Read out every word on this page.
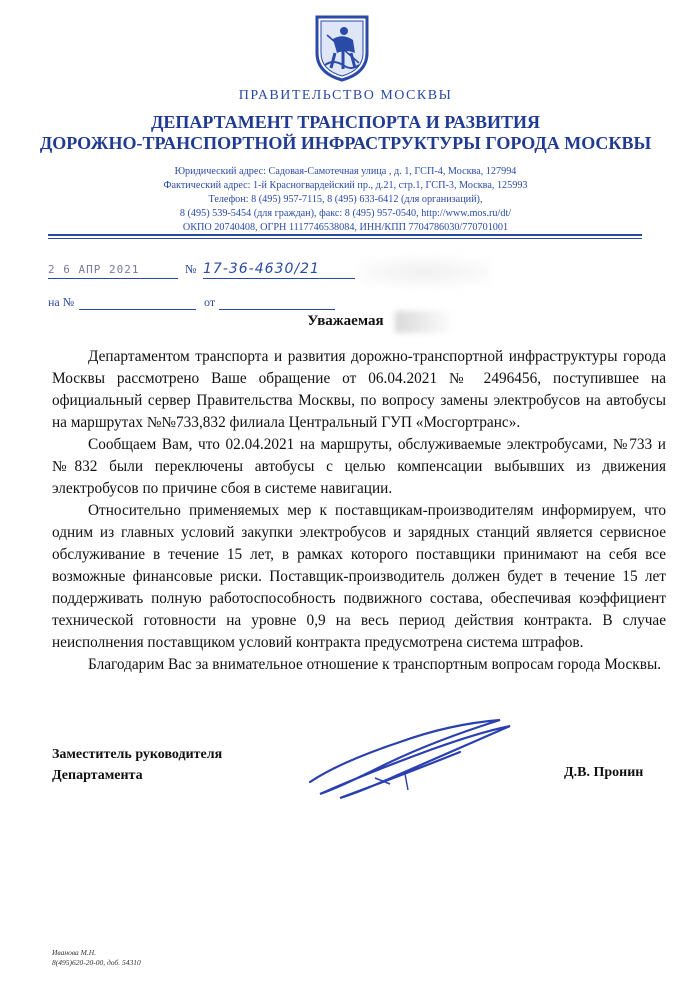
ПРАВИТЕЛЬСТВО МОСКВЫ
ДЕПАРТАМЕНТ ТРАНСПОРТА И РАЗВИТИЯ
ДОРОЖНО-ТРАНСПОРТНОЙ ИНФРАСТРУКТУРЫ ГОРОДА МОСКВЫ
Юридический адрес: Садовая-Самотечная улица , д. 1, ГСП-4, Москва, 127994
Фактический адрес: 1-й Красногвардейский пр., д.21, стр.1, ГСП-3, Москва, 125993
Телефон: 8 (495) 957-7115, 8 (495) 633-6412 (для организаций),
8 (495) 539-5454 (для граждан), факс: 8 (495) 957-0540, http://www.mos.ru/dt/
ОКПО 20740408, ОГРН 1117746538084, ИНН/КПП 7704786030/770701001
2 6 АПР 2021	№ 17-36-4630/21
на №	от
Уважаемая

Департаментом транспорта и развития дорожно-транспортной инфраструктуры города Москвы рассмотрено Ваше обращение от 06.04.2021 № 2496456, поступившее на официальный сервер Правительства Москвы, по вопросу замены электробусов на автобусы на маршрутах №№733,832 филиала Центральный ГУП «Мосгортранс».

Сообщаем Вам, что 02.04.2021 на маршруты, обслуживаемые электробусами, №733 и №832 были переключены автобусы с целью компенсации выбывших из движения электробусов по причине сбоя в системе навигации.

Относительно применяемых мер к поставщикам-производителям информируем, что одним из главных условий закупки электробусов и зарядных станций является сервисное обслуживание в течение 15 лет, в рамках которого поставщики принимают на себя все возможные финансовые риски. Поставщик-производитель должен будет в течение 15 лет поддерживать полную работоспособность подвижного состава, обеспечивая коэффициент технической готовности на уровне 0,9 на весь период действия контракта. В случае неисполнения поставщиком условий контракта предусмотрена система штрафов.

Благодарим Вас за внимательное отношение к транспортным вопросам города Москвы.

Заместитель руководителя
Департамента	Д.В. Пронин
Иванова М.Н.
8(495)620-20-00, доб. 54310
